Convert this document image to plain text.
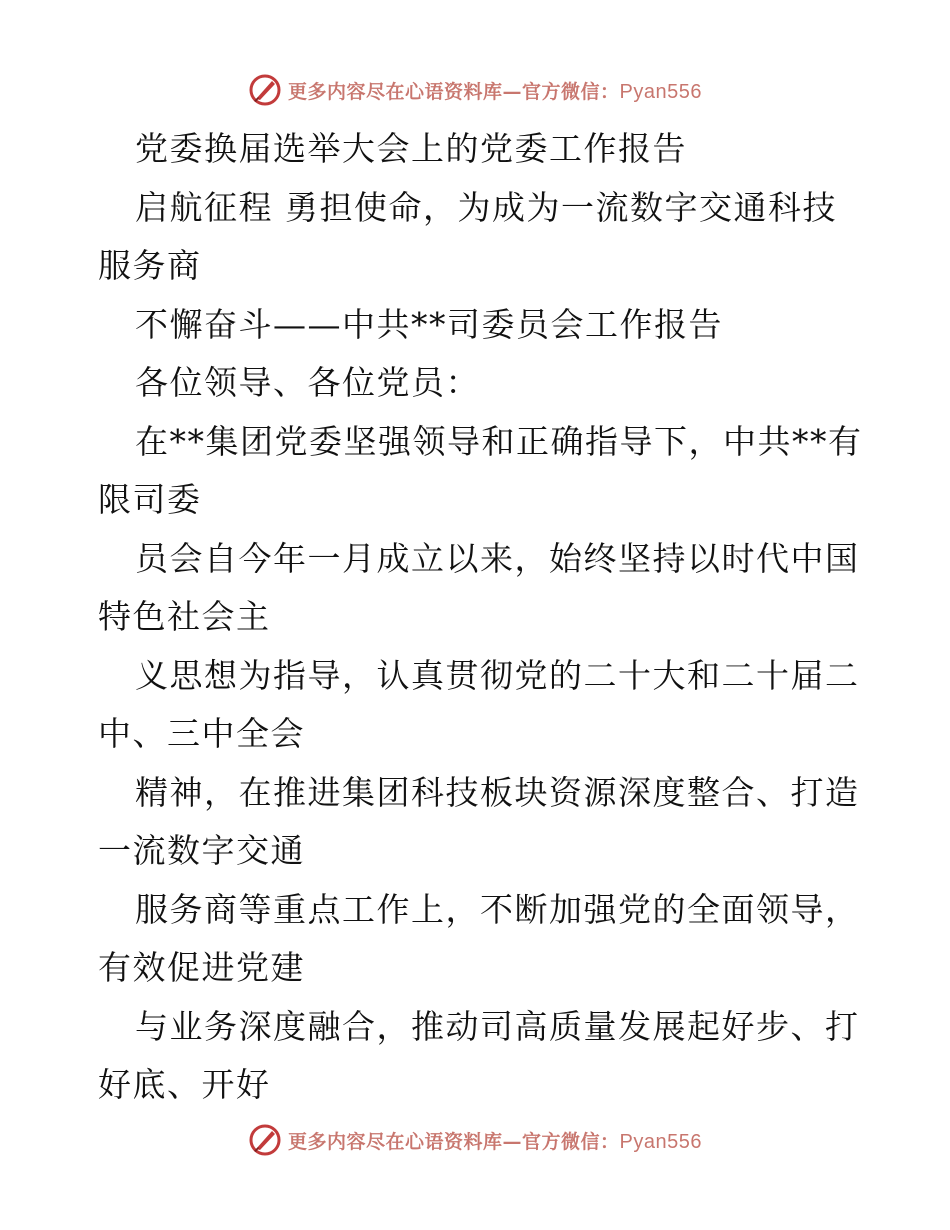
更多内容尽在心语资料库—官方微信：Pyan556
党委换届选举大会上的党委工作报告
启航征程 勇担使命，为成为一流数字交通科技
服务商
不懈奋斗——中共**司委员会工作报告
各位领导、各位党员：
在**集团党委坚强领导和正确指导下，中共**有
限司委
员会自今年一月成立以来，始终坚持以时代中国
特色社会主
义思想为指导，认真贯彻党的二十大和二十届二
中、三中全会
精神，在推进集团科技板块资源深度整合、打造
一流数字交通
服务商等重点工作上，不断加强党的全面领导，
有效促进党建
与业务深度融合，推动司高质量发展起好步、打
好底、开好
更多内容尽在心语资料库—官方微信：Pyan556
